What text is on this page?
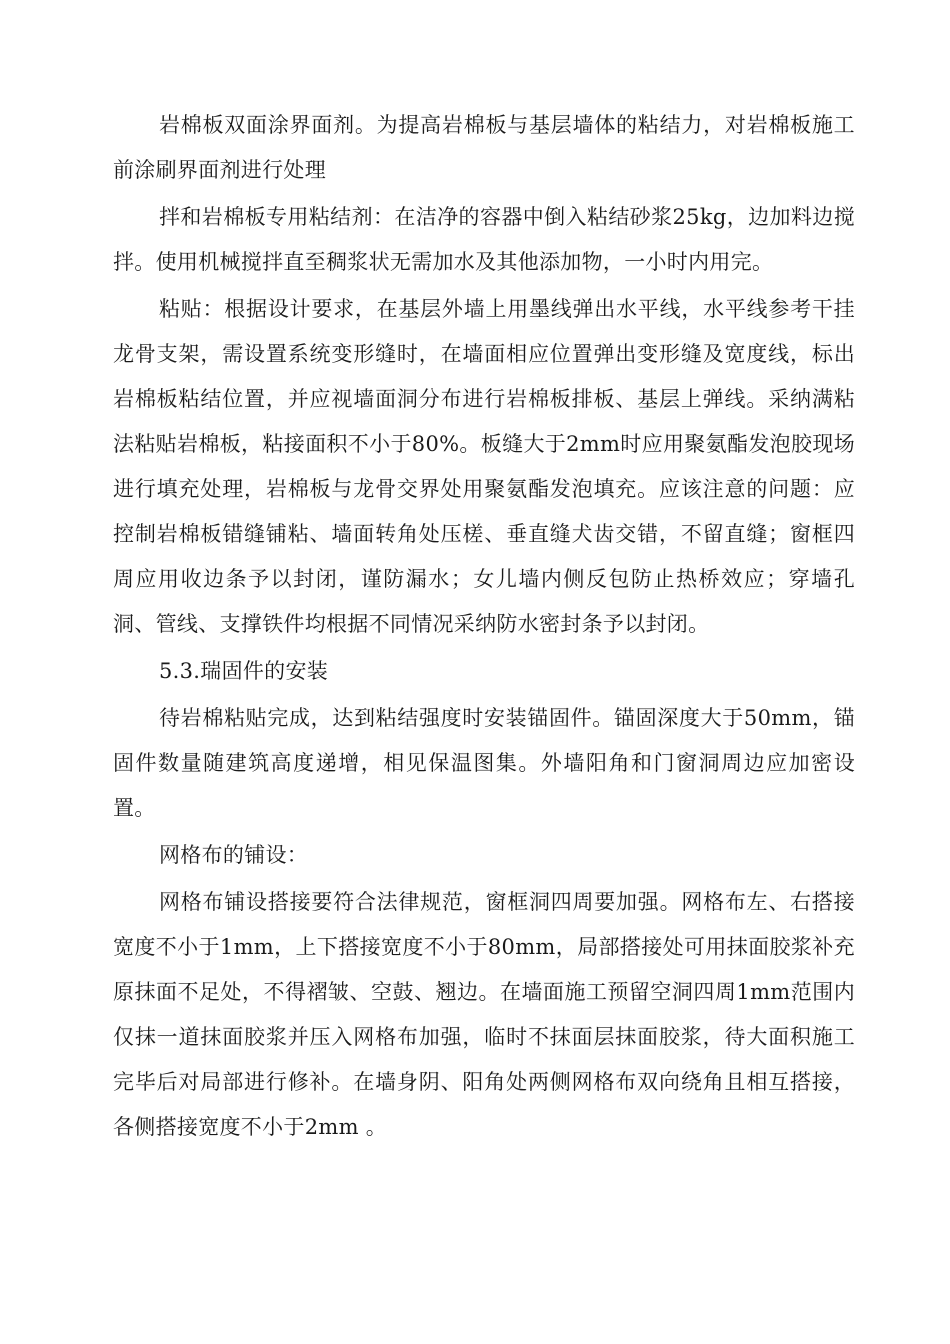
岩棉板双面涂界面剂。为提高岩棉板与基层墙体的粘结力，对岩棉板施工前涂刷界面剂进行处理

拌和岩棉板专用粘结剂：在洁净的容器中倒入粘结砂浆25kg，边加料边搅拌。使用机械搅拌直至稠浆状无需加水及其他添加物，一小时内用完。

粘贴：根据设计要求，在基层外墙上用墨线弹出水平线，水平线参考干挂龙骨支架，需设置系统变形缝时，在墙面相应位置弹出变形缝及宽度线，标出岩棉板粘结位置，并应视墙面洞分布进行岩棉板排板、基层上弹线。采纳满粘法粘贴岩棉板，粘接面积不小于80%。板缝大于2mm时应用聚氨酯发泡胶现场进行填充处理，岩棉板与龙骨交界处用聚氨酯发泡填充。应该注意的问题：应控制岩棉板错缝铺粘、墙面转角处压槎、垂直缝犬齿交错，不留直缝；窗框四周应用收边条予以封闭，谨防漏水；女儿墙内侧反包防止热桥效应；穿墙孔洞、管线、支撑铁件均根据不同情况采纳防水密封条予以封闭。

5.3.瑞固件的安装

待岩棉粘贴完成，达到粘结强度时安装锚固件。锚固深度大于50mm，锚固件数量随建筑高度递增，相见保温图集。外墙阳角和门窗洞周边应加密设置。

网格布的铺设：

网格布铺设搭接要符合法律规范，窗框洞四周要加强。网格布左、右搭接宽度不小于1mm，上下搭接宽度不小于80mm，局部搭接处可用抹面胶浆补充原抹面不足处，不得褶皱、空鼓、翘边。在墙面施工预留空洞四周1mm范围内仅抹一道抹面胶浆并压入网格布加强，临时不抹面层抹面胶浆，待大面积施工完毕后对局部进行修补。在墙身阴、阳角处两侧网格布双向绕角且相互搭接，各侧搭接宽度不小于2mm 。
